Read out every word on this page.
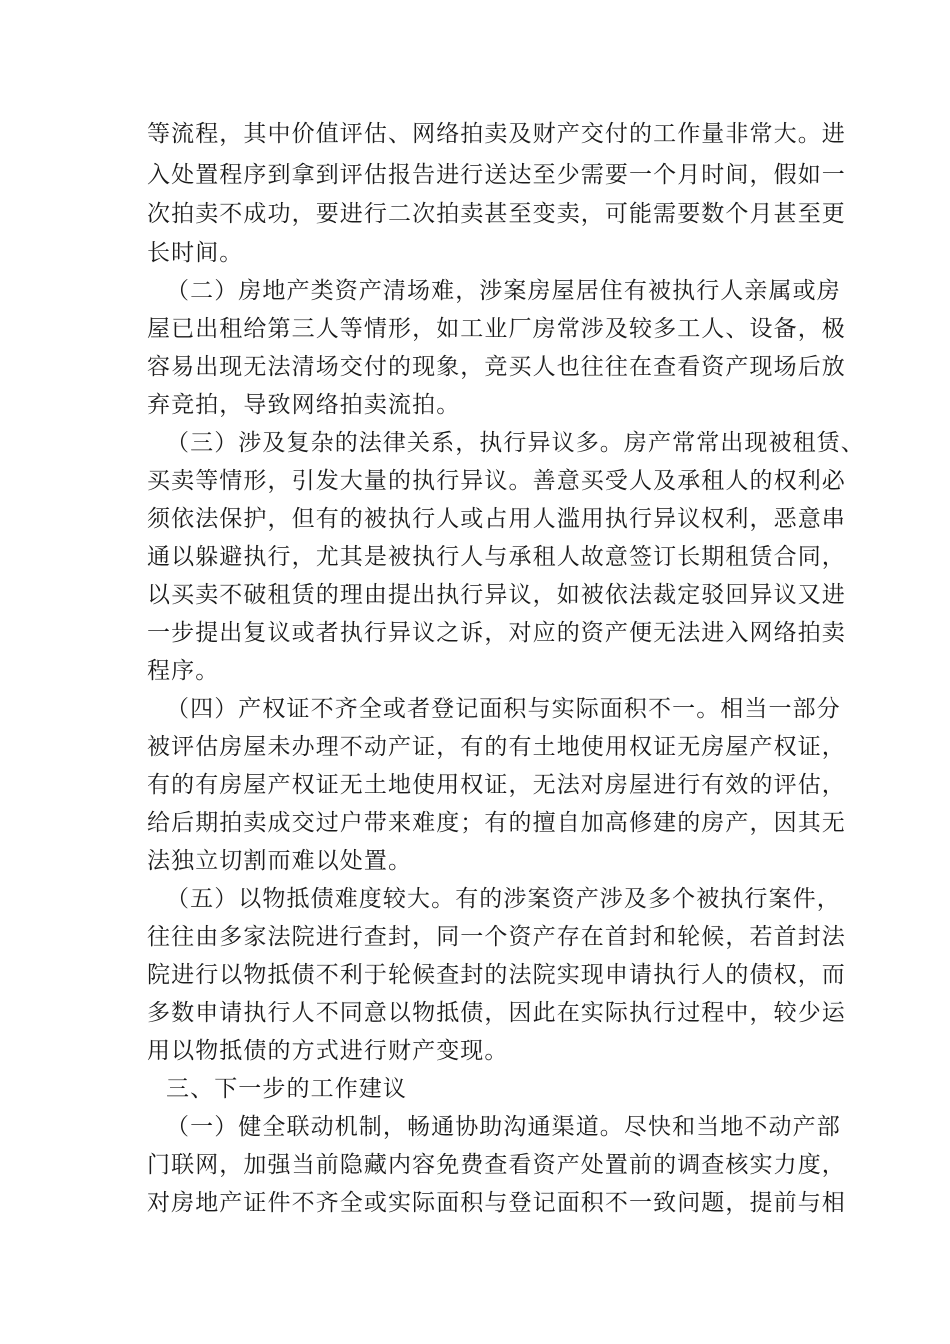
等流程，其中价值评估、网络拍卖及财产交付的工作量非常大。进

入处置程序到拿到评估报告进行送达至少需要一个月时间，假如一

次拍卖不成功，要进行二次拍卖甚至变卖，可能需要数个月甚至更

长时间。

（二）房地产类资产清场难，涉案房屋居住有被执行人亲属或房

屋已出租给第三人等情形，如工业厂房常涉及较多工人、设备，极

容易出现无法清场交付的现象，竞买人也往往在查看资产现场后放

弃竞拍，导致网络拍卖流拍。

（三）涉及复杂的法律关系，执行异议多。房产常常出现被租赁、

买卖等情形，引发大量的执行异议。善意买受人及承租人的权利必

须依法保护，但有的被执行人或占用人滥用执行异议权利，恶意串

通以躲避执行，尤其是被执行人与承租人故意签订长期租赁合同，

以买卖不破租赁的理由提出执行异议，如被依法裁定驳回异议又进

一步提出复议或者执行异议之诉，对应的资产便无法进入网络拍卖

程序。

（四）产权证不齐全或者登记面积与实际面积不一。相当一部分

被评估房屋未办理不动产证，有的有土地使用权证无房屋产权证，

有的有房屋产权证无土地使用权证，无法对房屋进行有效的评估，

给后期拍卖成交过户带来难度；有的擅自加高修建的房产，因其无

法独立切割而难以处置。

（五）以物抵债难度较大。有的涉案资产涉及多个被执行案件，

往往由多家法院进行查封，同一个资产存在首封和轮候，若首封法

院进行以物抵债不利于轮候查封的法院实现申请执行人的债权，而

多数申请执行人不同意以物抵债，因此在实际执行过程中，较少运

用以物抵债的方式进行财产变现。

三、下一步的工作建议

（一）健全联动机制，畅通协助沟通渠道。尽快和当地不动产部

门联网，加强当前隐藏内容免费查看资产处置前的调查核实力度，

对房地产证件不齐全或实际面积与登记面积不一致问题，提前与相
